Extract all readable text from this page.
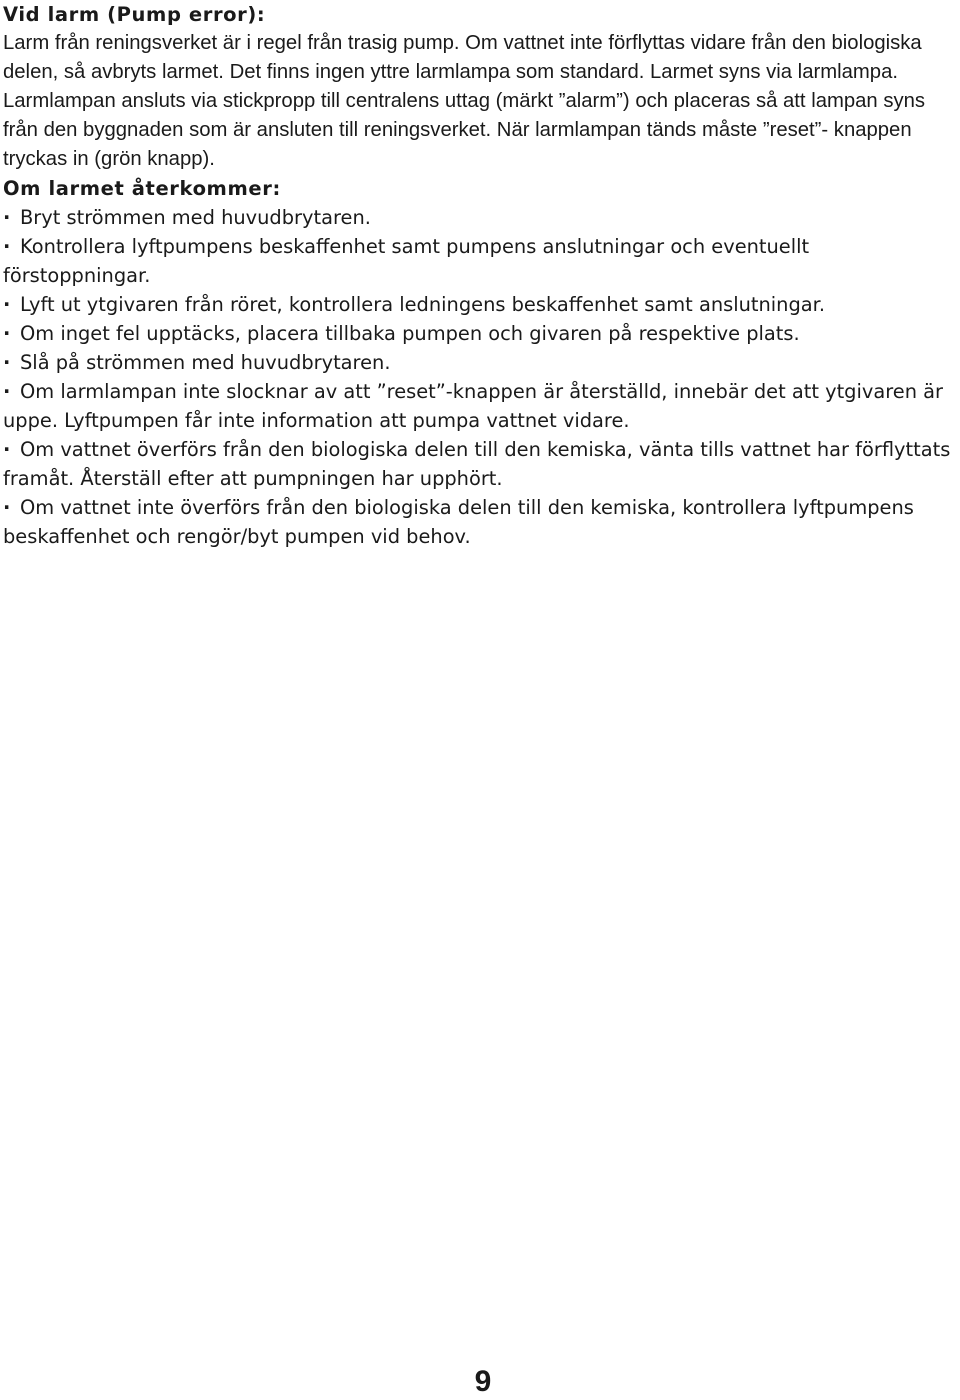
Vid larm (Pump error):

Larm från reningsverket är i regel från trasig pump. Om vattnet inte förflyttas vidare från den biologiska delen, så avbryts larmet. Det finns ingen yttre larmlampa som standard. Larmet syns via larmlampa. Larmlampan ansluts via stickpropp till centralens uttag (märkt ”alarm”) och placeras så att lampan syns från den byggnaden som är ansluten till reningsverket. När larmlampan tänds måste ”reset”- knappen tryckas in (grön knapp).

Om larmet återkommer:
· Bryt strömmen med huvudbrytaren.
· Kontrollera lyftpumpens beskaffenhet samt pumpens anslutningar och eventuellt förstoppningar.
· Lyft ut ytgivaren från röret, kontrollera ledningens beskaffenhet samt anslutningar.
· Om inget fel upptäcks, placera tillbaka pumpen och givaren på respektive plats.
· Slå på strömmen med huvudbrytaren.
· Om larmlampan inte slocknar av att ”reset”-knappen är återställd, innebär det att ytgivaren är uppe. Lyftpumpen får inte information att pumpa vattnet vidare.
· Om vattnet överförs från den biologiska delen till den kemiska, vänta tills vattnet har förflyttats framåt. Återställ efter att pumpningen har upphört.
· Om vattnet inte överförs från den biologiska delen till den kemiska, kontrollera lyftpumpens beskaffenhet och rengör/byt pumpen vid behov.
9
